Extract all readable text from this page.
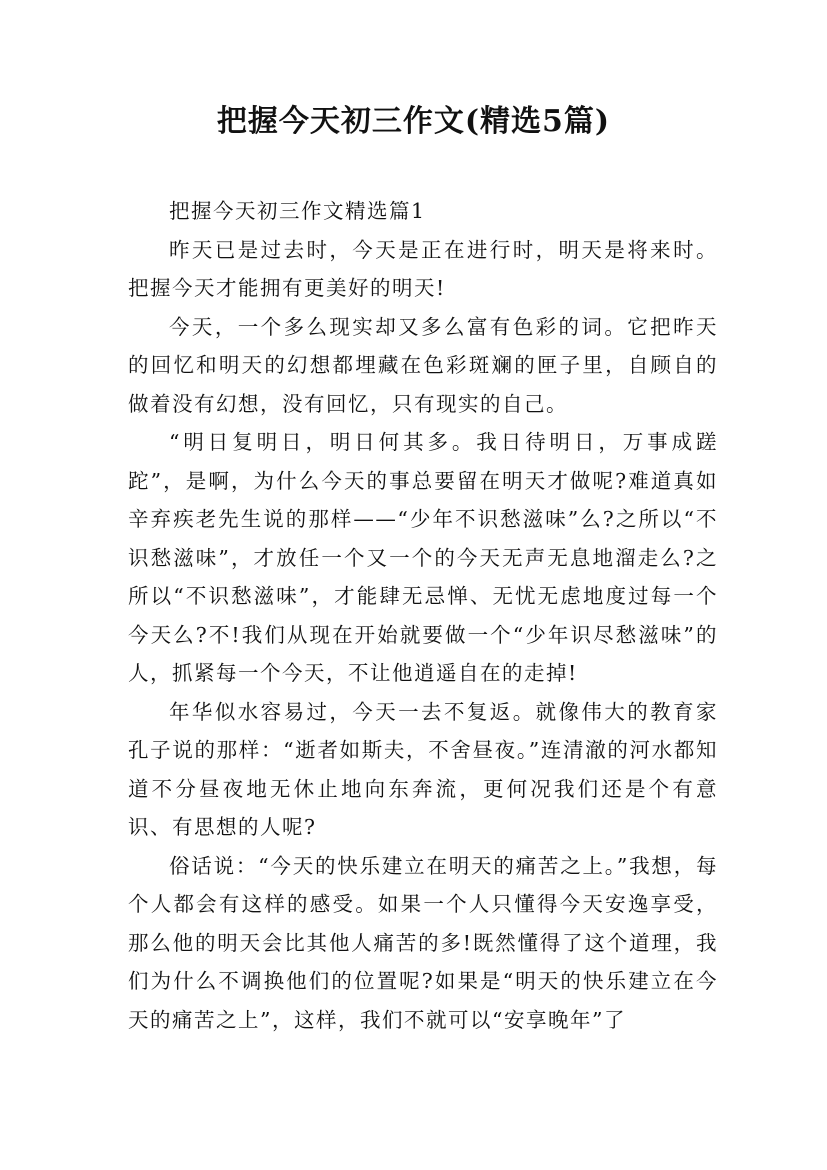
把握今天初三作文(精选5篇)

把握今天初三作文精选篇1

昨天已是过去时，今天是正在进行时，明天是将来时。把握今天才能拥有更美好的明天!

今天，一个多么现实却又多么富有色彩的词。它把昨天的回忆和明天的幻想都埋藏在色彩斑斓的匣子里，自顾自的做着没有幻想，没有回忆，只有现实的自己。

“明日复明日，明日何其多。我日待明日，万事成蹉跎”，是啊，为什么今天的事总要留在明天才做呢?难道真如辛弃疾老先生说的那样——“少年不识愁滋味”么?之所以“不识愁滋味”，才放任一个又一个的今天无声无息地溜走么?之所以“不识愁滋味”，才能肆无忌惮、无忧无虑地度过每一个今天么?不!我们从现在开始就要做一个“少年识尽愁滋味”的人，抓紧每一个今天，不让他逍遥自在的走掉!

年华似水容易过，今天一去不复返。就像伟大的教育家孔子说的那样：“逝者如斯夫，不舍昼夜。”连清澈的河水都知道不分昼夜地无休止地向东奔流，更何况我们还是个有意识、有思想的人呢?

俗话说：“今天的快乐建立在明天的痛苦之上。”我想，每个人都会有这样的感受。如果一个人只懂得今天安逸享受，那么他的明天会比其他人痛苦的多!既然懂得了这个道理，我们为什么不调换他们的位置呢?如果是“明天的快乐建立在今天的痛苦之上”，这样，我们不就可以“安享晚年”了
